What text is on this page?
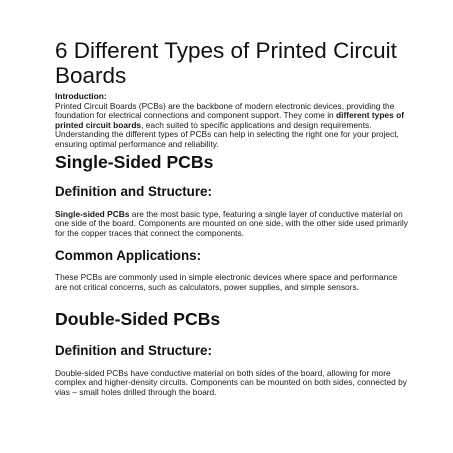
6 Different Types of Printed Circuit Boards
Introduction:

Printed Circuit Boards (PCBs) are the backbone of modern electronic devices, providing the foundation for electrical connections and component support. They come in different types of printed circuit boards, each suited to specific applications and design requirements. Understanding the different types of PCBs can help in selecting the right one for your project, ensuring optimal performance and reliability.

Single-Sided PCBs
Definition and Structure:

Single-sided PCBs are the most basic type, featuring a single layer of conductive material on one side of the board. Components are mounted on one side, with the other side used primarily for the copper traces that connect the components.

Common Applications:

These PCBs are commonly used in simple electronic devices where space and performance are not critical concerns, such as calculators, power supplies, and simple sensors.

Double-Sided PCBs
Definition and Structure:

Double-sided PCBs have conductive material on both sides of the board, allowing for more complex and higher-density circuits. Components can be mounted on both sides, connected by vias – small holes drilled through the board.
